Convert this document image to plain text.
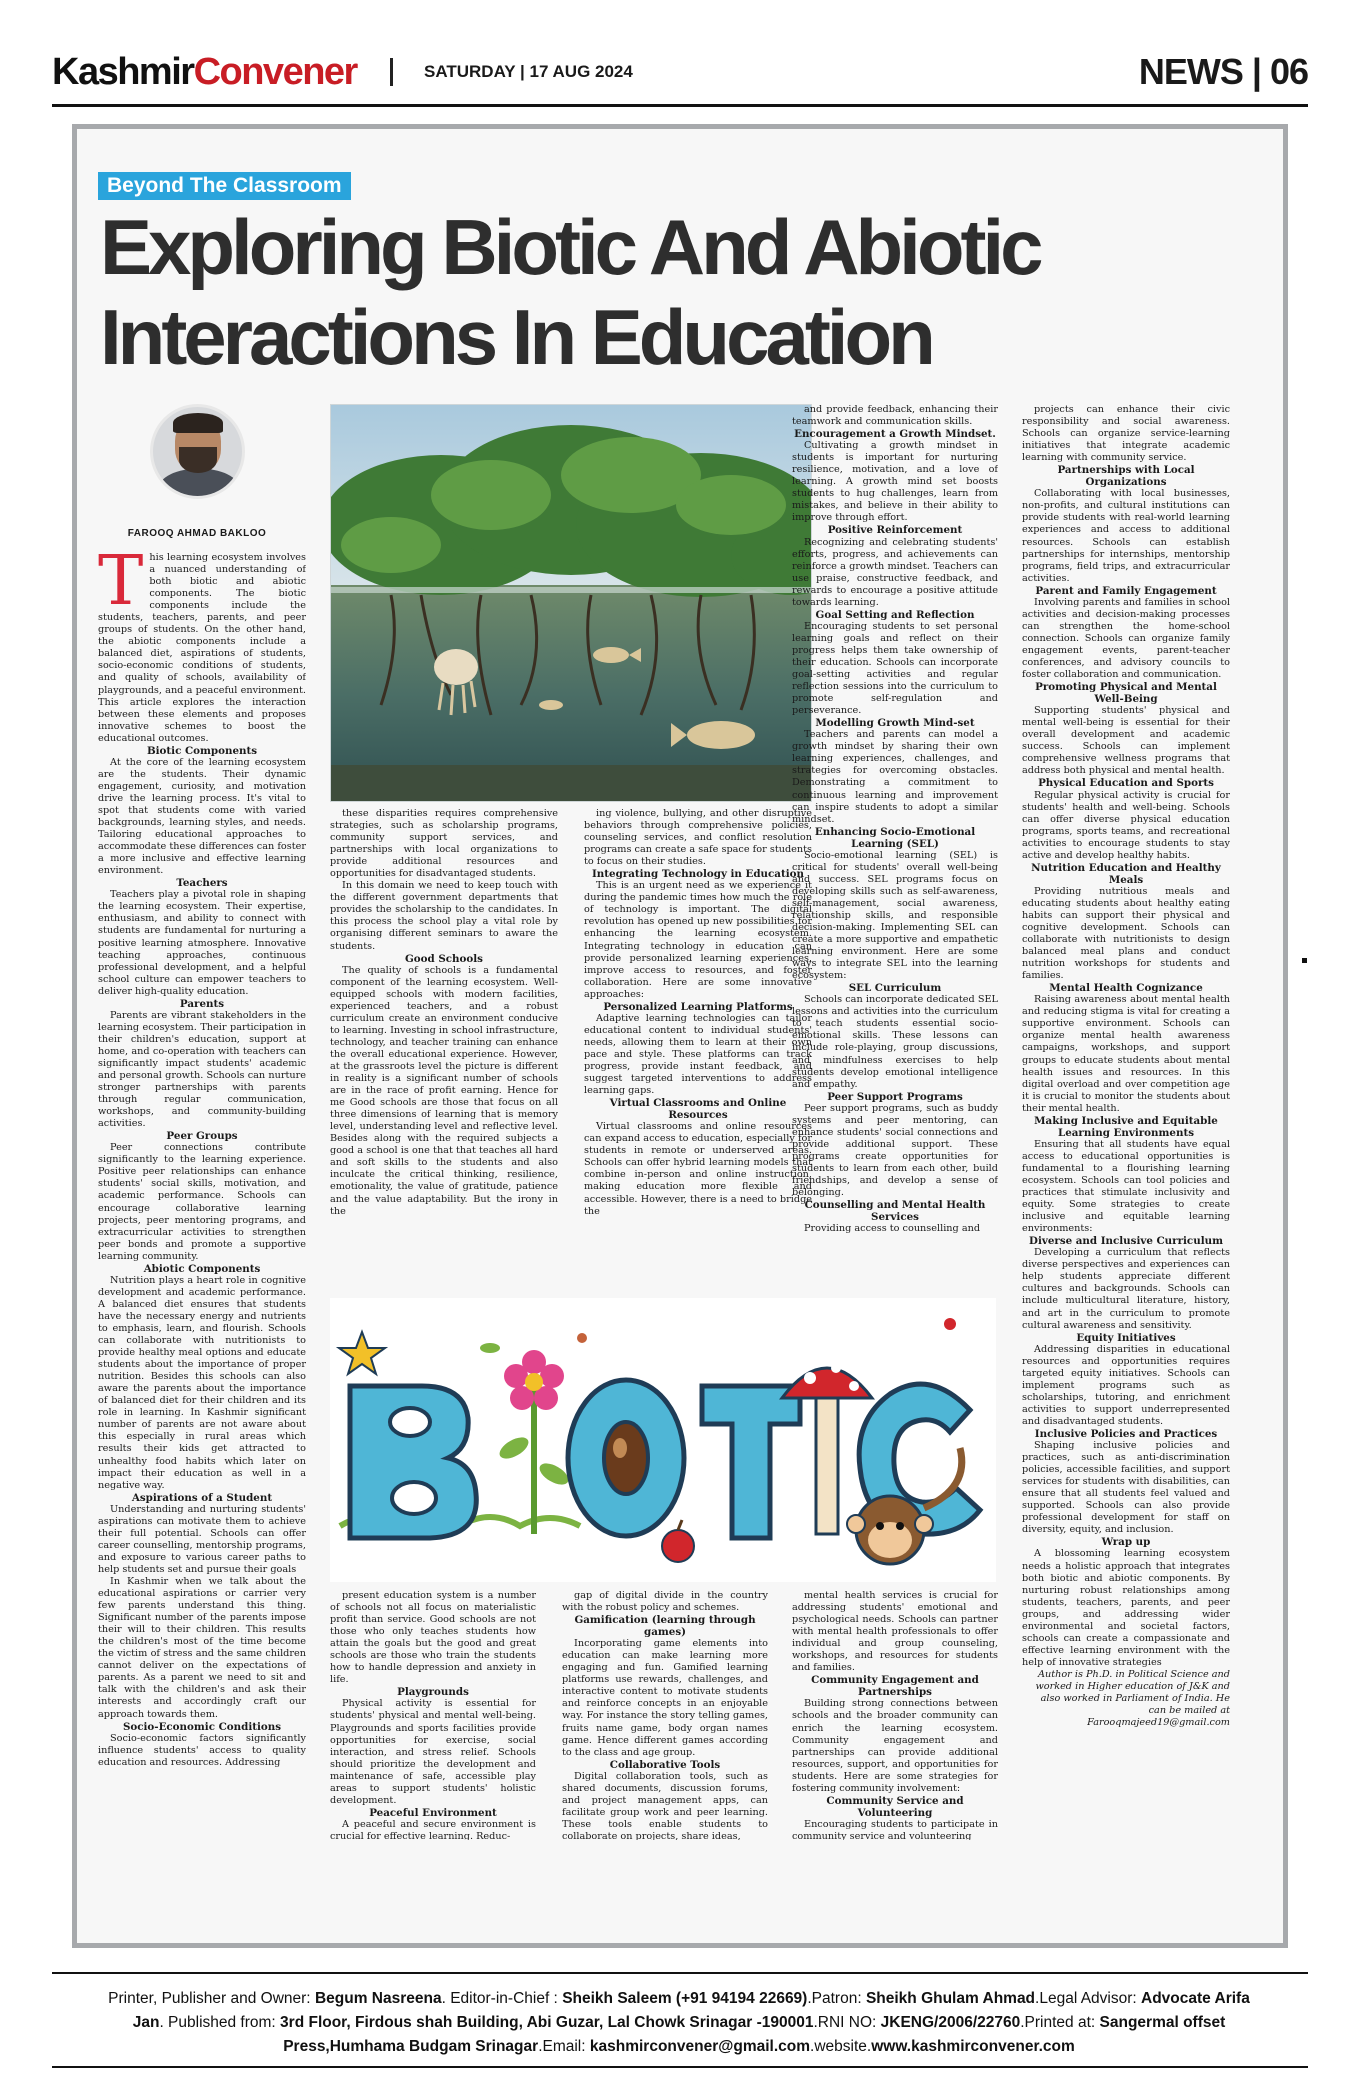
KashmirConvener	SATURDAY | 17 AUG 2024	NEWS | 06
Beyond The Classroom
Exploring Biotic And Abiotic Interactions In Education
FAROOQ AHMAD BAKLOO

This learning ecosystem involves a nuanced understanding of both biotic and abiotic components. The biotic components include the students, teachers, parents, and peer groups of students. On the other hand, the abiotic components include a balanced diet, aspirations of students, socio-economic conditions of students, and quality of schools, availability of playgrounds, and a peaceful environment. This article explores the interaction between these elements and proposes innovative schemes to boost the educational outcomes.

Biotic Components

At the core of the learning ecosystem are the students. Their dynamic engagement, curiosity, and motivation drive the learning process. It's vital to spot that students come with varied backgrounds, learning styles, and needs. Tailoring educational approaches to accommodate these differences can foster a more inclusive and effective learning environment.

Teachers

Teachers play a pivotal role in shaping the learning ecosystem. Their expertise, enthusiasm, and ability to connect with students are fundamental for nurturing a positive learning atmosphere. Innovative teaching approaches, continuous professional development, and a helpful school culture can empower teachers to deliver high-quality education.

Parents

Parents are vibrant stakeholders in the learning ecosystem. Their participation in their children's education, support at home, and co-operation with teachers can significantly impact students' academic and personal growth. Schools can nurture stronger partnerships with parents through regular communication, workshops, and community-building activities.

Peer Groups

Peer connections contribute significantly to the learning experience. Positive peer relationships can enhance students' social skills, motivation, and academic performance. Schools can encourage collaborative learning projects, peer mentoring programs, and extracurricular activities to strengthen peer bonds and promote a supportive learning community.

Abiotic Components

Nutrition plays a heart role in cognitive development and academic performance. A balanced diet ensures that students have the necessary energy and nutrients to emphasis, learn, and flourish. Schools can collaborate with nutritionists to provide healthy meal options and educate students about the importance of proper nutrition. Besides this schools can also aware the parents about the importance of balanced diet for their children and its role in learning. In Kashmir significant number of parents are not aware about this especially in rural areas which results their kids get attracted to unhealthy food habits which later on impact their education as well in a negative way.

Aspirations of a Student

Understanding and nurturing students' aspirations can motivate them to achieve their full potential. Schools can offer career counselling, mentorship programs, and exposure to various career paths to help students set and pursue their goals

In Kashmir when we talk about the educational aspirations or carrier very few parents understand this thing. Significant number of the parents impose their will to their children. This results the children's most of the time become the victim of stress and the same children cannot deliver on the expectations of parents. As a parent we need to sit and talk with the children's and ask their interests and accordingly craft our approach towards them.

Socio-Economic Conditions

Socio-economic factors significantly influence students' access to quality education and resources. Addressing

these disparities requires comprehensive strategies, such as scholarship programs, community support services, and partnerships with local organizations to provide additional resources and opportunities for disadvantaged students.

In this domain we need to keep touch with the different government departments that provides the scholarship to the candidates. In this process the school play a vital role by organising different seminars to aware the students.

Good Schools

The quality of schools is a fundamental component of the learning ecosystem. Well-equipped schools with modern facilities, experienced teachers, and a robust curriculum create an environment conducive to learning. Investing in school infrastructure, technology, and teacher training can enhance the overall educational experience. However, at the grassroots level the picture is different in reality is a significant number of schools are in the race of profit earning. Hence for me Good schools are those that focus on all three dimensions of learning that is memory level, understanding level and reflective level. Besides along with the required subjects a good a school is one that that teaches all hard and soft skills to the students and also inculcate the critical thinking, resilience, emotionality, the value of gratitude, patience and the value adaptability. But the irony in the

ing violence, bullying, and other disruptive behaviors through comprehensive policies, counseling services, and conflict resolution programs can create a safe space for students to focus on their studies.

Integrating Technology in Education

This is an urgent need as we experience it during the pandemic times how much the role of technology is important. The digital revolution has opened up new possibilities for enhancing the learning ecosystem. Integrating technology in education can provide personalized learning experiences, improve access to resources, and foster collaboration. Here are some innovative approaches:

Personalized Learning Platforms

Adaptive learning technologies can tailor educational content to individual students' needs, allowing them to learn at their own pace and style. These platforms can track progress, provide instant feedback, and suggest targeted interventions to address learning gaps.

Virtual Classrooms and Online Resources

Virtual classrooms and online resources can expand access to education, especially for students in remote or underserved areas. Schools can offer hybrid learning models that combine in-person and online instruction, making education more flexible and accessible. However, there is a need to bridge the

and provide feedback, enhancing their teamwork and communication skills.

Encouragement a Growth Mindset.

Cultivating a growth mindset in students is important for nurturing resilience, motivation, and a love of learning. A growth mind set boosts students to hug challenges, learn from mistakes, and believe in their ability to improve through effort.

Positive Reinforcement

Recognizing and celebrating students' efforts, progress, and achievements can reinforce a growth mindset. Teachers can use praise, constructive feedback, and rewards to encourage a positive attitude towards learning.

Goal Setting and Reflection

Encouraging students to set personal learning goals and reflect on their progress helps them take ownership of their education. Schools can incorporate goal-setting activities and regular reflection sessions into the curriculum to promote self-regulation and perseverance.

Modelling Growth Mind-set

Teachers and parents can model a growth mindset by sharing their own learning experiences, challenges, and strategies for overcoming obstacles. Demonstrating a commitment to continuous learning and improvement can inspire students to adopt a similar mindset.

Enhancing Socio-Emotional Learning (SEL)

Socio-emotional learning (SEL) is critical for students' overall well-being and success. SEL programs focus on developing skills such as self-awareness, self-management, social awareness, relationship skills, and responsible decision-making. Implementing SEL can create a more supportive and empathetic learning environment. Here are some ways to integrate SEL into the learning ecosystem:

SEL Curriculum

Schools can incorporate dedicated SEL lessons and activities into the curriculum to teach students essential socio-emotional skills. These lessons can include role-playing, group discussions, and mindfulness exercises to help students develop emotional intelligence and empathy.

Peer Support Programs

Peer support programs, such as buddy systems and peer mentoring, can enhance students' social connections and provide additional support. These programs create opportunities for students to learn from each other, build friendships, and develop a sense of belonging.

Counselling and Mental Health Services

Providing access to counselling and

present education system is a number of schools not all focus on materialistic profit than service. Good schools are not those who only teaches students how attain the goals but the good and great schools are those who train the students how to handle depression and anxiety in life.

Playgrounds

Physical activity is essential for students' physical and mental well-being. Playgrounds and sports facilities provide opportunities for exercise, social interaction, and stress relief. Schools should prioritize the development and maintenance of safe, accessible play areas to support students' holistic development.

Peaceful Environment

A peaceful and secure environment is crucial for effective learning. Reduc-

gap of digital divide in the country with the robust policy and schemes.

Gamification (learning through games)

Incorporating game elements into education can make learning more engaging and fun. Gamified learning platforms use rewards, challenges, and interactive content to motivate students and reinforce concepts in an enjoyable way. For instance the story telling games, fruits name game, body organ names game. Hence different games according to the class and age group.

Collaborative Tools

Digital collaboration tools, such as shared documents, discussion forums, and project management apps, can facilitate group work and peer learning. These tools enable students to collaborate on projects, share ideas,

mental health services is crucial for addressing students' emotional and psychological needs. Schools can partner with mental health professionals to offer individual and group counseling, workshops, and resources for students and families.

Community Engagement and Partnerships

Building strong connections between schools and the broader community can enrich the learning ecosystem. Community engagement and partnerships can provide additional resources, support, and opportunities for students. Here are some strategies for fostering community involvement:

Community Service and Volunteering

Encouraging students to participate in community service and volunteering

projects can enhance their civic responsibility and social awareness. Schools can organize service-learning initiatives that integrate academic learning with community service.

Partnerships with Local Organizations

Collaborating with local businesses, non-profits, and cultural institutions can provide students with real-world learning experiences and access to additional resources. Schools can establish partnerships for internships, mentorship programs, field trips, and extracurricular activities.

Parent and Family Engagement

Involving parents and families in school activities and decision-making processes can strengthen the home-school connection. Schools can organize family engagement events, parent-teacher conferences, and advisory councils to foster collaboration and communication.

Promoting Physical and Mental Well-Being

Supporting students' physical and mental well-being is essential for their overall development and academic success. Schools can implement comprehensive wellness programs that address both physical and mental health.

Physical Education and Sports

Regular physical activity is crucial for students' health and well-being. Schools can offer diverse physical education programs, sports teams, and recreational activities to encourage students to stay active and develop healthy habits.

Nutrition Education and Healthy Meals

Providing nutritious meals and educating students about healthy eating habits can support their physical and cognitive development. Schools can collaborate with nutritionists to design balanced meal plans and conduct nutrition workshops for students and families.

Mental Health Cognizance

Raising awareness about mental health and reducing stigma is vital for creating a supportive environment. Schools can organize mental health awareness campaigns, workshops, and support groups to educate students about mental health issues and resources. In this digital overload and over competition age it is crucial to monitor the students about their mental health.

Making Inclusive and Equitable Learning Environments

Ensuring that all students have equal access to educational opportunities is fundamental to a flourishing learning ecosystem. Schools can tool policies and practices that stimulate inclusivity and equity. Some strategies to create inclusive and equitable learning environments:

Diverse and Inclusive Curriculum

Developing a curriculum that reflects diverse perspectives and experiences can help students appreciate different cultures and backgrounds. Schools can include multicultural literature, history, and art in the curriculum to promote cultural awareness and sensitivity.

Equity Initiatives

Addressing disparities in educational resources and opportunities requires targeted equity initiatives. Schools can implement programs such as scholarships, tutoring, and enrichment activities to support underrepresented and disadvantaged students.

Inclusive Policies and Practices

Shaping inclusive policies and practices, such as anti-discrimination policies, accessible facilities, and support services for students with disabilities, can ensure that all students feel valued and supported. Schools can also provide professional development for staff on diversity, equity, and inclusion.

Wrap up

A blossoming learning ecosystem needs a holistic approach that integrates both biotic and abiotic components. By nurturing robust relationships among students, teachers, parents, and peer groups, and addressing wider environmental and societal factors, schools can create a compassionate and effective learning environment with the help of innovative strategies

Author is Ph.D. in Political Science and worked in Higher education of J&K and also worked in Parliament of India. He can be mailed at Farooqmajeed19@gmail.com

Printer, Publisher and Owner: Begum Nasreena. Editor-in-Chief : Sheikh Saleem (+91 94194 22669).Patron: Sheikh Ghulam Ahmad.Legal Advisor: Advocate Arifa
Jan. Published from: 3rd Floor, Firdous shah Building, Abi Guzar, Lal Chowk Srinagar -190001.RNI NO: JKENG/2006/22760.Printed at: Sangermal offset
Press,Humhama Budgam Srinagar.Email: kashmirconvener@gmail.com.website.www.kashmirconvener.com
